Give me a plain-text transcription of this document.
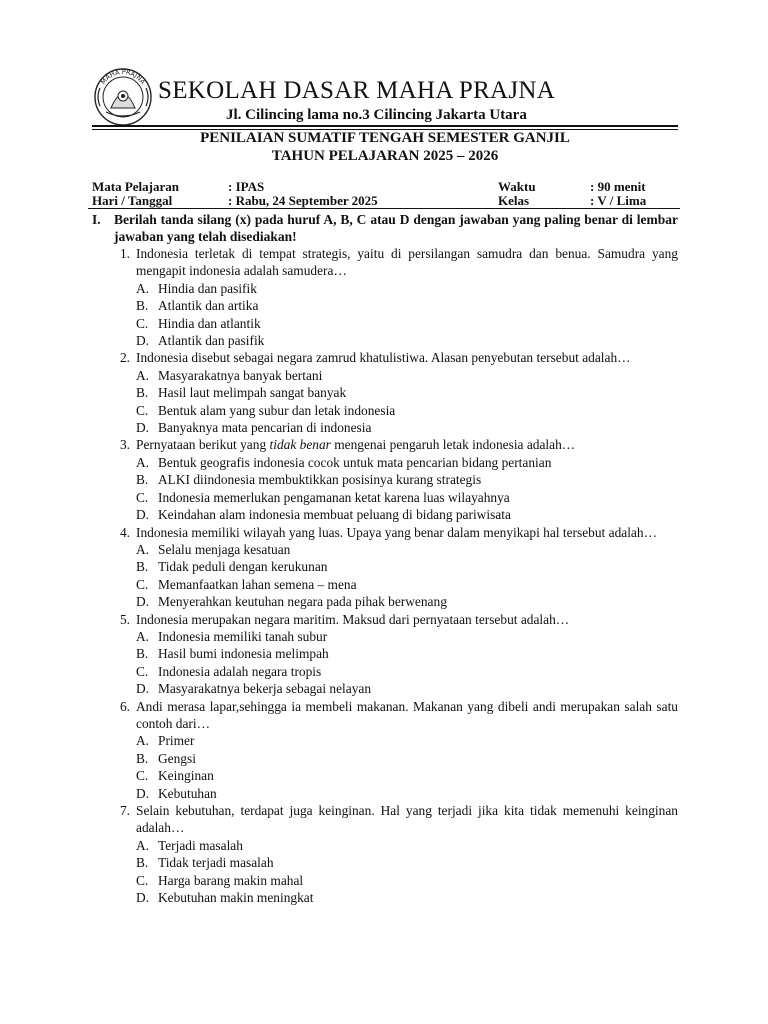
MAHA PRAJNA SEKOLAH DASAR MAHA PRAJNA
Jl. Cilincing lama no.3 Cilincing Jakarta Utara
PENILAIAN SUMATIF TENGAH SEMESTER GANJIL
TAHUN PELAJARAN 2025 – 2026
Mata Pelajaran
Hari / Tanggal
: IPAS
: Rabu, 24 September 2025
Waktu
Kelas
: 90 menit
: V / Lima
I. Berilah tanda silang (x) pada huruf A, B, C atau D dengan jawaban yang paling benar di lembar jawaban yang telah disediakan!
1. Indonesia terletak di tempat strategis, yaitu di persilangan samudra dan benua. Samudra yang mengapit indonesia adalah samudera…
A. Hindia dan pasifik
B. Atlantik dan artika
C. Hindia dan atlantik
D. Atlantik dan pasifik
2. Indonesia disebut sebagai negara zamrud khatulistiwa. Alasan penyebutan tersebut adalah…
A. Masyarakatnya banyak bertani
B. Hasil laut melimpah sangat banyak
C. Bentuk alam yang subur dan letak indonesia
D. Banyaknya mata pencarian di indonesia
3. Pernyataan berikut yang tidak benar mengenai pengaruh letak indonesia adalah…
A. Bentuk geografis indonesia cocok untuk mata pencarian bidang pertanian
B. ALKI diindonesia membuktikkan posisinya kurang strategis
C. Indonesia memerlukan pengamanan ketat karena luas wilayahnya
D. Keindahan alam indonesia membuat peluang di bidang pariwisata
4. Indonesia memiliki wilayah yang luas. Upaya yang benar dalam menyikapi hal tersebut adalah…
A. Selalu menjaga kesatuan
B. Tidak peduli dengan kerukunan
C. Memanfaatkan lahan semena – mena
D. Menyerahkan keutuhan negara pada pihak berwenang
5. Indonesia merupakan negara maritim. Maksud dari pernyataan tersebut adalah…
A. Indonesia memiliki tanah subur
B. Hasil bumi indonesia melimpah
C. Indonesia adalah negara tropis
D. Masyarakatnya bekerja sebagai nelayan
6. Andi merasa lapar,sehingga ia membeli makanan. Makanan yang dibeli andi merupakan salah satu contoh dari…
A. Primer
B. Gengsi
C. Keinginan
D. Kebutuhan
7. Selain kebutuhan, terdapat juga keinginan. Hal yang terjadi jika kita tidak memenuhi keinginan adalah…
A. Terjadi masalah
B. Tidak terjadi masalah
C. Harga barang makin mahal
D. Kebutuhan makin meningkat
